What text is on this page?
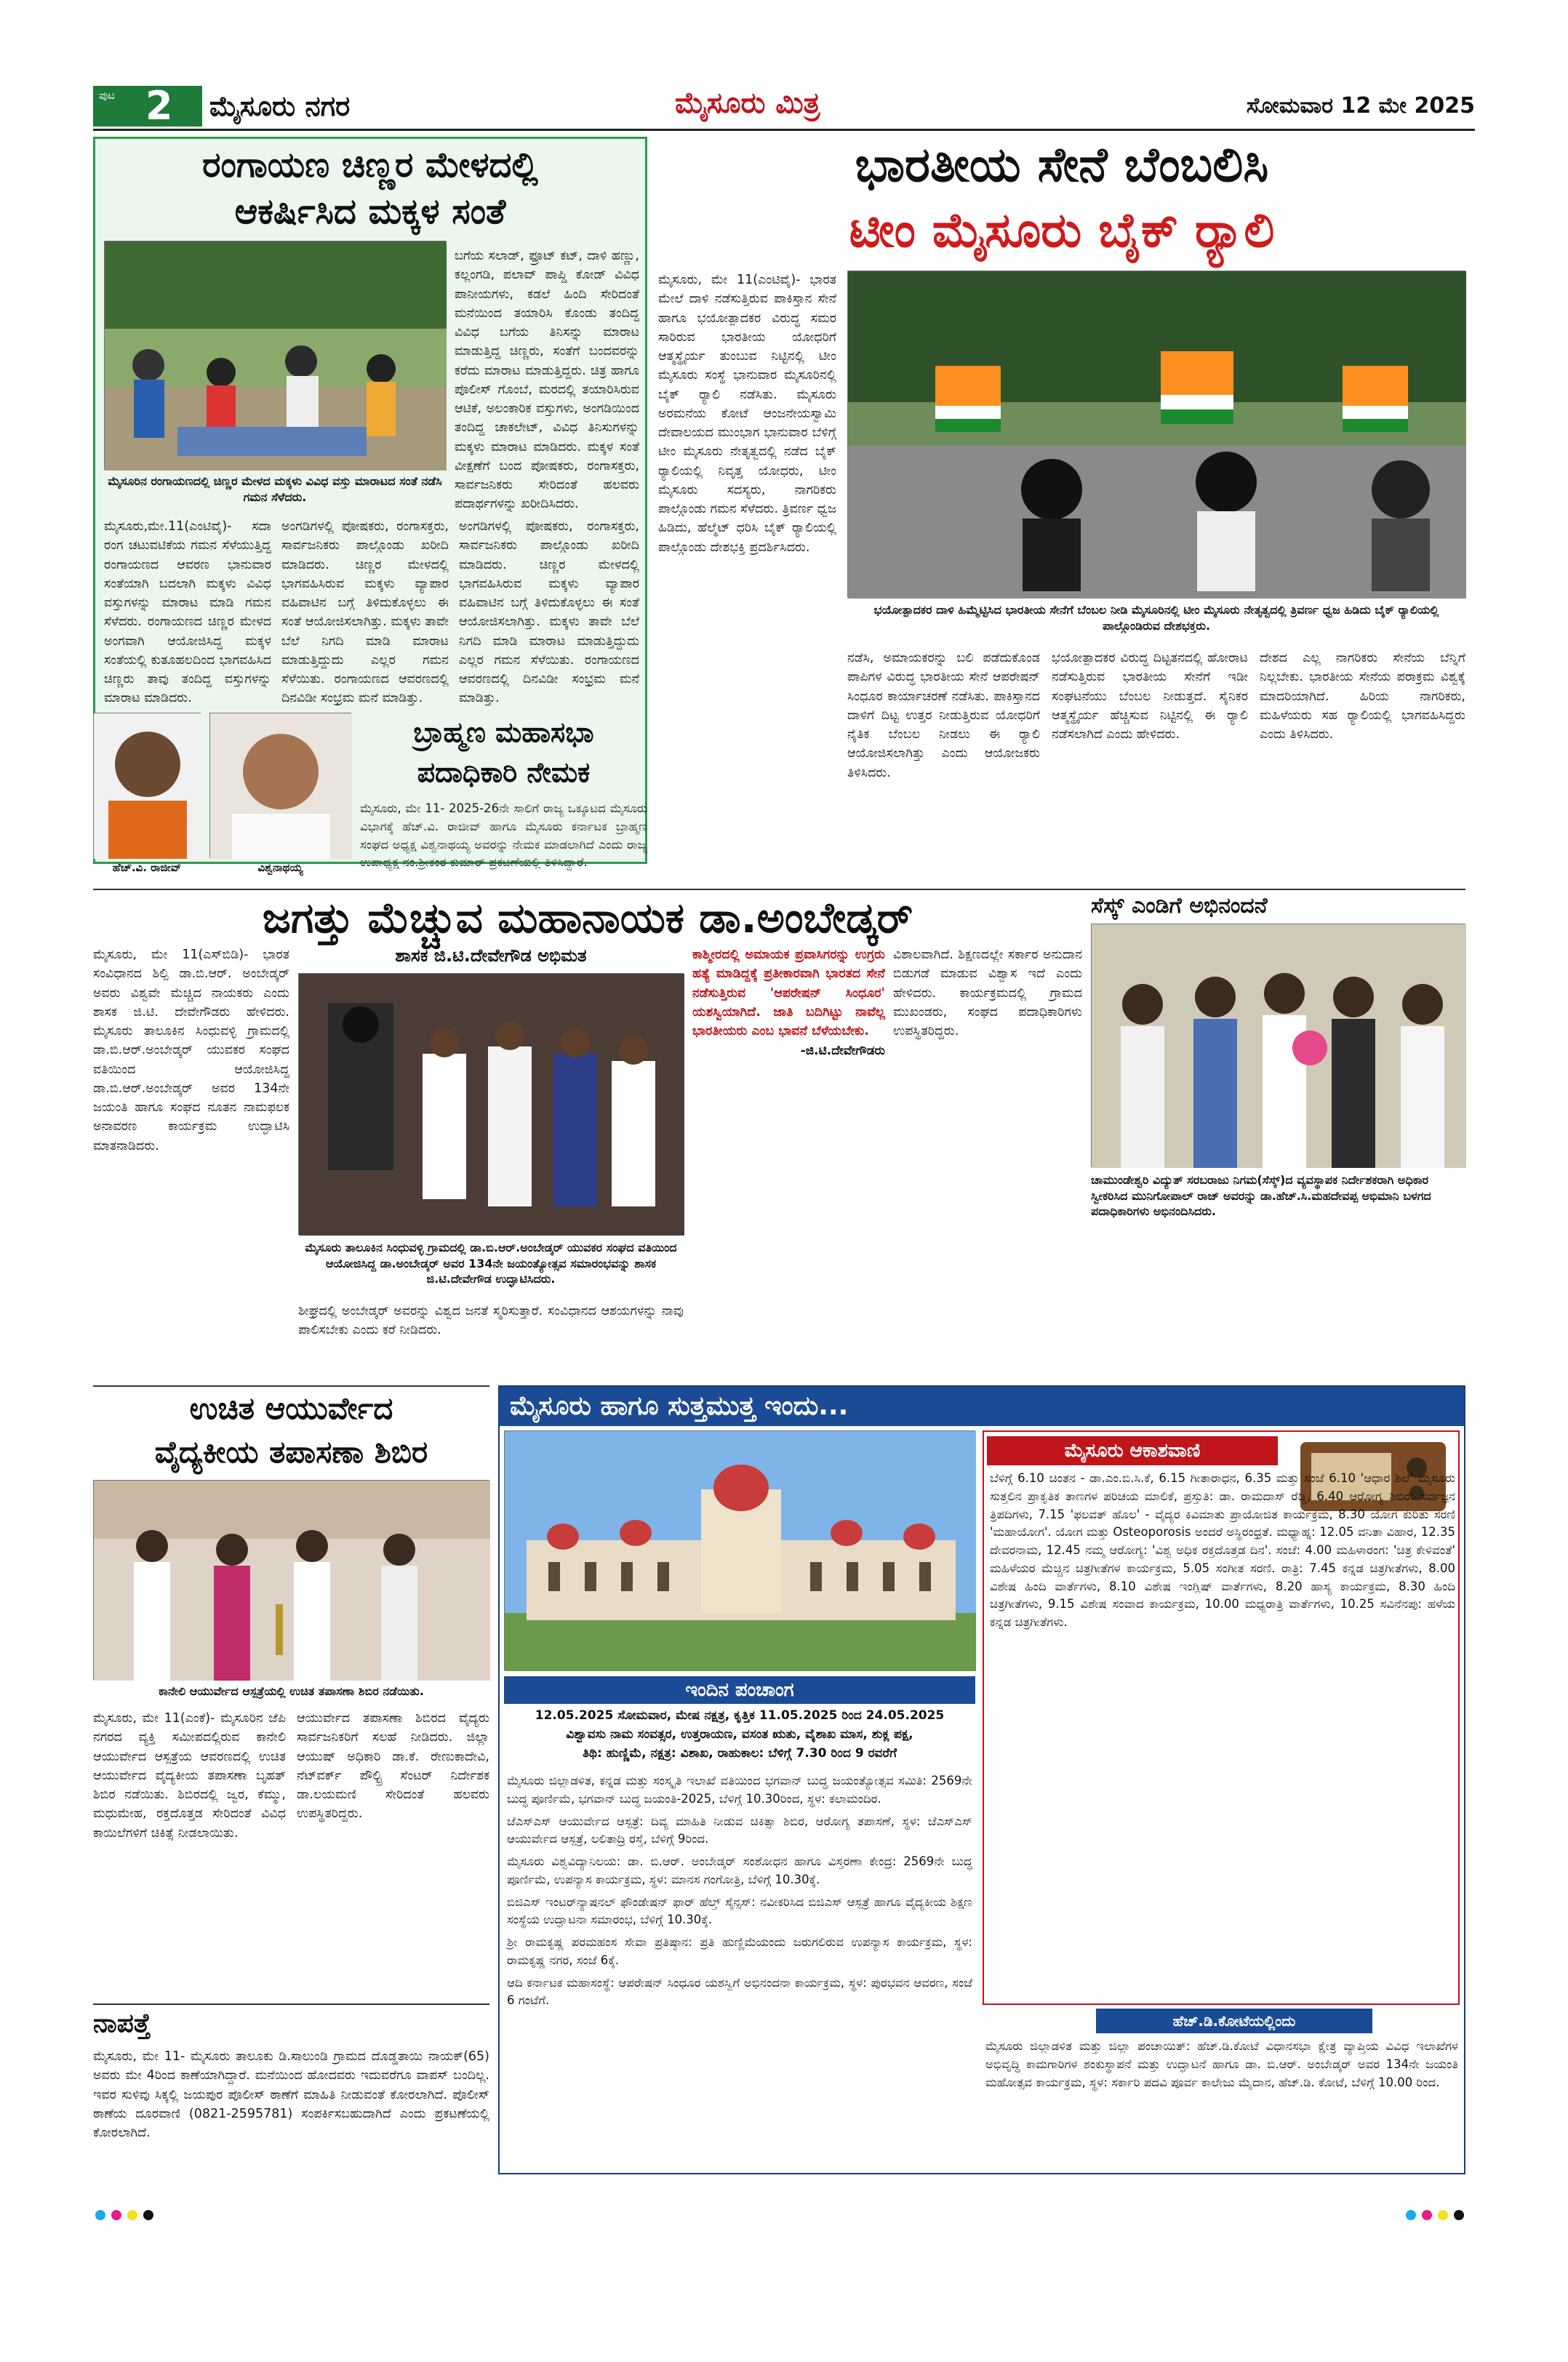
ಪುಟ 2 ಮೈಸೂರು ನಗರ	ಮೈಸೂರು ಮಿತ್ರ	ಸೋಮವಾರ 12 ಮೇ 2025
ರಂಗಾಯಣ ಚಿಣ್ಣರ ಮೇಳದಲ್ಲಿ
ಆಕರ್ಷಿಸಿದ ಮಕ್ಕಳ ಸಂತೆ
ಮೈಸೂರಿನ ರಂಗಾಯಣದಲ್ಲಿ ಚಿಣ್ಣರ ಮೇಳದ ಮಕ್ಕಳು ವಿವಿಧ ವಸ್ತು ಮಾರಾಟದ ಸಂತೆ ನಡೆಸಿ ಗಮನ ಸೆಳೆದರು.
ಬಗೆಯ ಸಲಾಡ್, ಫ್ರೂಟ್ ಕಟ್, ದಾಳಿ ಹಣ್ಣು, ಕಲ್ಲಂಗಡಿ, ಪಲಾವ್ ಪಾಪ್ಡಿ ಕೋಡ್ ವಿವಿಧ ಪಾನೀಯಗಳು, ಕಡಲೆ ಹಿಂದಿ ಸೇರಿದಂತೆ ಮನೆಯಿಂದ ತಯಾರಿಸಿ ಕೊಂಡು ತಂದಿದ್ದ ವಿವಿಧ ಬಗೆಯ ತಿನಿಸನ್ನು ಮಾರಾಟ ಮಾಡುತ್ತಿದ್ದ ಚಿಣ್ಣರು, ಸಂತೆಗೆ ಬಂದವರನ್ನು ಕರೆದು ಮಾರಾಟ ಮಾಡುತ್ತಿದ್ದರು. ಚಿತ್ರ ಹಾಗೂ ಪೊಲೀಸ್ ಗೊಂಬೆ, ಮರದಲ್ಲಿ ತಯಾರಿಸಿರುವ ಆಟಿಕೆ, ಅಲಂಕಾರಿಕ ವಸ್ತುಗಳು, ಅಂಗಡಿಯಿಂದ ತಂದಿದ್ದ ಚಾಕಲೇಟ್, ವಿವಿಧ ತಿನಿಸುಗಳನ್ನು ಮಕ್ಕಳು ಮಾರಾಟ ಮಾಡಿದರು. ಮಕ್ಕಳ ಸಂತೆ ವೀಕ್ಷಣೆಗೆ ಬಂದ ಪೋಷಕರು, ರಂಗಾಸಕ್ತರು, ಸಾರ್ವಜನಿಕರು ಸೇರಿದಂತೆ ಹಲವರು ಪದಾರ್ಥಗಳನ್ನು ಖರೀದಿಸಿದರು.
ಮೈಸೂರು,ಮೇ.11(ಎಂಟಿವೈ)- ಸದಾ ರಂಗ ಚಟುವಟಿಕೆಯ ಗಮನ ಸೆಳೆಯುತ್ತಿದ್ದ ರಂಗಾಯಣದ ಆವರಣ ಭಾನುವಾರ ಸಂತೆಯಾಗಿ ಬದಲಾಗಿ ಮಕ್ಕಳು ವಿವಿಧ ವಸ್ತುಗಳನ್ನು ಮಾರಾಟ ಮಾಡಿ ಗಮನ ಸೆಳೆದರು. ರಂಗಾಯಣದ ಚಿಣ್ಣರ ಮೇಳದ ಅಂಗವಾಗಿ ಆಯೋಜಿಸಿದ್ದ ಮಕ್ಕಳ ಸಂತೆಯಲ್ಲಿ ಕುತೂಹಲದಿಂದ ಭಾಗವಹಿಸಿದ ಚಿಣ್ಣರು ತಾವು ತಂದಿದ್ದ ವಸ್ತುಗಳನ್ನು ಮಾರಾಟ ಮಾಡಿದರು.
ಅಂಗಡಿಗಳಲ್ಲಿ ಪೋಷಕರು, ರಂಗಾಸಕ್ತರು, ಸಾರ್ವಜನಿಕರು ಪಾಲ್ಗೊಂಡು ಖರೀದಿ ಮಾಡಿದರು. ಚಿಣ್ಣರ ಮೇಳದಲ್ಲಿ ಭಾಗವಹಿಸಿರುವ ಮಕ್ಕಳು ವ್ಯಾಪಾರ ವಹಿವಾಟಿನ ಬಗ್ಗೆ ತಿಳಿದುಕೊಳ್ಳಲು ಈ ಸಂತೆ ಆಯೋಜಿಸಲಾಗಿತ್ತು. ಮಕ್ಕಳು ತಾವೇ ಬೆಲೆ ನಿಗದಿ ಮಾಡಿ ಮಾರಾಟ ಮಾಡುತ್ತಿದ್ದುದು ಎಲ್ಲರ ಗಮನ ಸೆಳೆಯಿತು. ರಂಗಾಯಣದ ಆವರಣದಲ್ಲಿ ದಿನವಿಡೀ ಸಂಭ್ರಮ ಮನೆ ಮಾಡಿತ್ತು.
ಅಂಗಡಿಗಳಲ್ಲಿ ಪೋಷಕರು, ರಂಗಾಸಕ್ತರು, ಸಾರ್ವಜನಿಕರು ಪಾಲ್ಗೊಂಡು ಖರೀದಿ ಮಾಡಿದರು. ಚಿಣ್ಣರ ಮೇಳದಲ್ಲಿ ಭಾಗವಹಿಸಿರುವ ಮಕ್ಕಳು ವ್ಯಾಪಾರ ವಹಿವಾಟಿನ ಬಗ್ಗೆ ತಿಳಿದುಕೊಳ್ಳಲು ಈ ಸಂತೆ ಆಯೋಜಿಸಲಾಗಿತ್ತು. ಮಕ್ಕಳು ತಾವೇ ಬೆಲೆ ನಿಗದಿ ಮಾಡಿ ಮಾರಾಟ ಮಾಡುತ್ತಿದ್ದುದು ಎಲ್ಲರ ಗಮನ ಸೆಳೆಯಿತು. ರಂಗಾಯಣದ ಆವರಣದಲ್ಲಿ ದಿನವಿಡೀ ಸಂಭ್ರಮ ಮನೆ ಮಾಡಿತ್ತು.
ಭಾರತೀಯ ಸೇನೆ ಬೆಂಬಲಿಸಿ
ಟೀಂ ಮೈಸೂರು ಬೈಕ್ ರ್‍ಯಾಲಿ
ಮೈಸೂರು, ಮೇ 11(ಎಂಟಿವೈ)- ಭಾರತ ಮೇಲೆ ದಾಳಿ ನಡೆಸುತ್ತಿರುವ ಪಾಕಿಸ್ತಾನ ಸೇನೆ ಹಾಗೂ ಭಯೋತ್ಪಾದಕರ ವಿರುದ್ಧ ಸಮರ ಸಾರಿರುವ ಭಾರತೀಯ ಯೋಧರಿಗೆ ಆತ್ಮಸ್ಥೈರ್ಯ ತುಂಬುವ ನಿಟ್ಟಿನಲ್ಲಿ ಟೀಂ ಮೈಸೂರು ಸಂಸ್ಥೆ ಭಾನುವಾರ ಮೈಸೂರಿನಲ್ಲಿ ಬೈಕ್ ರ್‍ಯಾಲಿ ನಡೆಸಿತು. ಮೈಸೂರು ಅರಮನೆಯ ಕೋಟೆ ಆಂಜನೇಯಸ್ವಾಮಿ ದೇವಾಲಯದ ಮುಂಭಾಗ ಭಾನುವಾರ ಬೆಳಿಗ್ಗೆ ಟೀಂ ಮೈಸೂರು ನೇತೃತ್ವದಲ್ಲಿ ನಡೆದ ಬೈಕ್ ರ್‍ಯಾಲಿಯಲ್ಲಿ ನಿವೃತ್ತ ಯೋಧರು, ಟೀಂ ಮೈಸೂರು ಸದಸ್ಯರು, ನಾಗರಿಕರು ಪಾಲ್ಗೊಂಡು ಗಮನ ಸೆಳೆದರು. ತ್ರಿವರ್ಣ ಧ್ವಜ ಹಿಡಿದು, ಹೆಲ್ಮೆಟ್ ಧರಿಸಿ ಬೈಕ್ ರ್‍ಯಾಲಿಯಲ್ಲಿ ಪಾಲ್ಗೊಂಡು ದೇಶಭಕ್ತಿ ಪ್ರದರ್ಶಿಸಿದರು.
ಭಯೋತ್ಪಾದಕರ ದಾಳಿ ಹಿಮ್ಮೆಟ್ಟಿಸಿದ ಭಾರತೀಯ ಸೇನೆಗೆ ಬೆಂಬಲ ನೀಡಿ ಮೈಸೂರಿನಲ್ಲಿ ಟೀಂ ಮೈಸೂರು ನೇತೃತ್ವದಲ್ಲಿ ತ್ರಿವರ್ಣ ಧ್ವಜ ಹಿಡಿದು ಬೈಕ್ ರ್‍ಯಾಲಿಯಲ್ಲಿ ಪಾಲ್ಗೊಂಡಿರುವ ದೇಶಭಕ್ತರು.
ನಡೆಸಿ, ಅಮಾಯಕರನ್ನು ಬಲಿ ಪಡೆದುಕೊಂಡ ಪಾಪಿಗಳ ವಿರುದ್ಧ ಭಾರತೀಯ ಸೇನೆ ಆಪರೇಷನ್ ಸಿಂಧೂರ ಕಾರ್ಯಾಚರಣೆ ನಡೆಸಿತು. ಪಾಕಿಸ್ತಾನದ ದಾಳಿಗೆ ದಿಟ್ಟ ಉತ್ತರ ನೀಡುತ್ತಿರುವ ಯೋಧರಿಗೆ ನೈತಿಕ ಬೆಂಬಲ ನೀಡಲು ಈ ರ್‍ಯಾಲಿ ಆಯೋಜಿಸಲಾಗಿತ್ತು ಎಂದು ಆಯೋಜಕರು ತಿಳಿಸಿದರು.
ಭಯೋತ್ಪಾದಕರ ವಿರುದ್ಧ ದಿಟ್ಟತನದಲ್ಲಿ ಹೋರಾಟ ನಡೆಸುತ್ತಿರುವ ಭಾರತೀಯ ಸೇನೆಗೆ ಇಡೀ ಸಂಘಟನೆಯು ಬೆಂಬಲ ನೀಡುತ್ತದೆ. ಸೈನಿಕರ ಆತ್ಮಸ್ಥೈರ್ಯ ಹೆಚ್ಚಿಸುವ ನಿಟ್ಟಿನಲ್ಲಿ ಈ ರ್‍ಯಾಲಿ ನಡೆಸಲಾಗಿದೆ ಎಂದು ಹೇಳಿದರು.
ದೇಶದ ಎಲ್ಲ ನಾಗರಿಕರು ಸೇನೆಯ ಬೆನ್ನಿಗೆ ನಿಲ್ಲಬೇಕು. ಭಾರತೀಯ ಸೇನೆಯ ಪರಾಕ್ರಮ ವಿಶ್ವಕ್ಕೆ ಮಾದರಿಯಾಗಿದೆ. ಹಿರಿಯ ನಾಗರಿಕರು, ಮಹಿಳೆಯರು ಸಹ ರ್‍ಯಾಲಿಯಲ್ಲಿ ಭಾಗವಹಿಸಿದ್ದರು ಎಂದು ತಿಳಿಸಿದರು.
ಹೆಚ್.ವಿ. ರಾಜೀವ್	ವಿಶ್ವನಾಥಯ್ಯ
ಬ್ರಾಹ್ಮಣ ಮಹಾಸಭಾ
ಪದಾಧಿಕಾರಿ ನೇಮಕ
ಮೈಸೂರು, ಮೇ 11- 2025-26ನೇ ಸಾಲಿಗೆ ರಾಜ್ಯ ಒಕ್ಕೂಟದ ಮೈಸೂರು ವಿಭಾಗಕ್ಕೆ ಹೆಚ್.ವಿ. ರಾಜೀವ್ ಹಾಗೂ ಮೈಸೂರು ಕರ್ನಾಟಕ ಬ್ರಾಹ್ಮಣ ಸಂಘದ ಅಧ್ಯಕ್ಷ ವಿಶ್ವನಾಥಯ್ಯ ಅವರನ್ನು ನೇಮಕ ಮಾಡಲಾಗಿದೆ ಎಂದು ರಾಜ್ಯ ಉಪಾಧ್ಯಕ್ಷ ನಂ.ಶ್ರೀಕಂಠ ಕುಮಾರ್ ಪ್ರಕಟಣೆಯಲ್ಲಿ ತಿಳಿಸಿದ್ದಾರೆ.
ಜಗತ್ತು ಮೆಚ್ಚುವ ಮಹಾನಾಯಕ ಡಾ.ಅಂಬೇಡ್ಕರ್
ಮೈಸೂರು, ಮೇ 11(ಎಸ್‌ಬಿಡಿ)- ಭಾರತ ಸಂವಿಧಾನದ ಶಿಲ್ಪಿ ಡಾ.ಬಿ.ಆರ್. ಅಂಬೇಡ್ಕರ್ ಅವರು ವಿಶ್ವವೇ ಮೆಚ್ಚಿದ ನಾಯಕರು ಎಂದು ಶಾಸಕ ಜಿ.ಟಿ. ದೇವೇಗೌಡರು ಹೇಳಿದರು. ಮೈಸೂರು ತಾಲೂಕಿನ ಸಿಂಧುವಳ್ಳಿ ಗ್ರಾಮದಲ್ಲಿ ಡಾ.ಬಿ.ಆರ್.ಅಂಬೇಡ್ಕರ್ ಯುವಕರ ಸಂಘದ ವತಿಯಿಂದ ಆಯೋಜಿಸಿದ್ದ ಡಾ.ಬಿ.ಆರ್.ಅಂಬೇಡ್ಕರ್ ಅವರ 134ನೇ ಜಯಂತಿ ಹಾಗೂ ಸಂಘದ ನೂತನ ನಾಮಫಲಕ ಅನಾವರಣ ಕಾರ್ಯಕ್ರಮ ಉದ್ಘಾಟಿಸಿ ಮಾತನಾಡಿದರು.
ಶಾಸಕ ಜಿ.ಟಿ.ದೇವೇಗೌಡ ಅಭಿಮತ
ಮೈಸೂರು ತಾಲೂಕಿನ ಸಿಂಧುವಳ್ಳಿ ಗ್ರಾಮದಲ್ಲಿ ಡಾ.ಬಿ.ಆರ್.ಅಂಬೇಡ್ಕರ್ ಯುವಕರ ಸಂಘದ ವತಿಯಿಂದ ಆಯೋಜಿಸಿದ್ದ ಡಾ.ಅಂಬೇಡ್ಕರ್ ಅವರ 134ನೇ ಜಯಂತ್ಯೋತ್ಸವ ಸಮಾರಂಭವನ್ನು ಶಾಸಕ ಜಿ.ಟಿ.ದೇವೇಗೌಡ ಉದ್ಘಾಟಿಸಿದರು.
ಕಾಶ್ಮೀರದಲ್ಲಿ ಅಮಾಯಕ ಪ್ರವಾಸಿಗರನ್ನು ಉಗ್ರರು ಹತ್ಯೆ ಮಾಡಿದ್ದಕ್ಕೆ ಪ್ರತೀಕಾರವಾಗಿ ಭಾರತದ ಸೇನೆ ನಡೆಸುತ್ತಿರುವ 'ಆಪರೇಷನ್ ಸಿಂಧೂರ' ಯಶಸ್ವಿಯಾಗಿದೆ. ಜಾತಿ ಬದಿಗಿಟ್ಟು ನಾವೆಲ್ಲ ಭಾರತೀಯರು ಎಂಬ ಭಾವನೆ ಬೆಳೆಯಬೇಕು.
-ಜಿ.ಟಿ.ದೇವೇಗೌಡರು
ಶೀಘ್ರದಲ್ಲಿ ಅಂಬೇಡ್ಕರ್ ಅವರನ್ನು ವಿಶ್ವದ ಜನತೆ ಸ್ಮರಿಸುತ್ತಾರೆ. ಸಂವಿಧಾನದ ಆಶಯಗಳನ್ನು ನಾವು ಪಾಲಿಸಬೇಕು ಎಂದು ಕರೆ ನೀಡಿದರು.
ವಿಶಾಲವಾಗಿದೆ. ಶಿಕ್ಷಣದಲ್ಲೇ ಸರ್ಕಾರ ಅನುದಾನ ಬಿಡುಗಡೆ ಮಾಡುವ ವಿಶ್ವಾಸ ಇದೆ ಎಂದು ಹೇಳಿದರು. ಕಾರ್ಯಕ್ರಮದಲ್ಲಿ ಗ್ರಾಮದ ಮುಖಂಡರು, ಸಂಘದ ಪದಾಧಿಕಾರಿಗಳು ಉಪಸ್ಥಿತರಿದ್ದರು.
ಸೆಸ್ಕ್ ಎಂಡಿಗೆ ಅಭಿನಂದನೆ
ಚಾಮುಂಡೇಶ್ವರಿ ವಿದ್ಯುತ್ ಸರಬರಾಜು ನಿಗಮ(ಸೆಸ್ಕ್)ದ ವ್ಯವಸ್ಥಾಪಕ ನಿರ್ದೇಶಕರಾಗಿ ಅಧಿಕಾರ ಸ್ವೀಕರಿಸಿದ ಮುನಿಗೋಪಾಲ್ ರಾಜ್ ಅವರನ್ನು ಡಾ.ಹೆಚ್.ಸಿ.ಮಹದೇವಪ್ಪ ಅಭಿಮಾನಿ ಬಳಗದ ಪದಾಧಿಕಾರಿಗಳು ಅಭಿನಂದಿಸಿದರು.
ಉಚಿತ ಆಯುರ್ವೇದ
ವೈದ್ಯಕೀಯ ತಪಾಸಣಾ ಶಿಬಿರ
ಕಾನೇಲಿ ಆಯುರ್ವೇದ ಆಸ್ಪತ್ರೆಯಲ್ಲಿ ಉಚಿತ ತಪಾಸಣಾ ಶಿಬಿರ ನಡೆಯಿತು.
ಮೈಸೂರು, ಮೇ 11(ಎಂಕೆ)- ಮೈಸೂರಿನ ಜೆಪಿ ನಗರದ ವ್ಯಕ್ತಿ ಸಮೀಪದಲ್ಲಿರುವ ಕಾನೇಲಿ ಆಯುರ್ವೇದ ಆಸ್ಪತ್ರೆಯ ಆವರಣದಲ್ಲಿ ಉಚಿತ ಆಯುರ್ವೇದ ವೈದ್ಯಕೀಯ ತಪಾಸಣಾ ಬೃಹತ್ ಶಿಬಿರ ನಡೆಯಿತು. ಶಿಬಿರದಲ್ಲಿ ಜ್ವರ, ಕೆಮ್ಮು, ಮಧುಮೇಹ, ರಕ್ತದೊತ್ತಡ ಸೇರಿದಂತೆ ವಿವಿಧ ಕಾಯಿಲೆಗಳಿಗೆ ಚಿಕಿತ್ಸೆ ನೀಡಲಾಯಿತು.
ಆಯುರ್ವೇದ ತಪಾಸಣಾ ಶಿಬಿರದ ವೈದ್ಯರು ಸಾರ್ವಜನಿಕರಿಗೆ ಸಲಹೆ ನೀಡಿದರು. ಜಿಲ್ಲಾ ಆಯುಷ್ ಅಧಿಕಾರಿ ಡಾ.ಕೆ. ರೇಣುಕಾದೇವಿ, ನೆಟ್‌ವರ್ಕ್ ಪೌಲ್ಟ್ರಿ ಸೆಂಟರ್ ನಿರ್ದೇಶಕ ಡಾ.ಲಯಮಣಿ ಸೇರಿದಂತೆ ಹಲವರು ಉಪಸ್ಥಿತರಿದ್ದರು.
ನಾಪತ್ತೆ
ಮೈಸೂರು, ಮೇ 11- ಮೈಸೂರು ತಾಲೂಕು ಡಿ.ಸಾಲುಂಡಿ ಗ್ರಾಮದ ದೊಡ್ಡತಾಯಿ ನಾಯಕ್(65) ಅವರು ಮೇ 4ರಿಂದ ಕಾಣೆಯಾಗಿದ್ದಾರೆ. ಮನೆಯಿಂದ ಹೋದವರು ಇದುವರೆಗೂ ವಾಪಸ್ ಬಂದಿಲ್ಲ. ಇವರ ಸುಳಿವು ಸಿಕ್ಕಲ್ಲಿ ಜಯಪುರ ಪೊಲೀಸ್ ಠಾಣೆಗೆ ಮಾಹಿತಿ ನೀಡುವಂತೆ ಕೋರಲಾಗಿದೆ. ಪೊಲೀಸ್ ಠಾಣೆಯ ದೂರವಾಣಿ (0821-2595781) ಸಂಪರ್ಕಿಸಬಹುದಾಗಿದೆ ಎಂದು ಪ್ರಕಟಣೆಯಲ್ಲಿ ಕೋರಲಾಗಿದೆ.
ಮೈಸೂರು ಹಾಗೂ ಸುತ್ತಮುತ್ತ ಇಂದು...
ಇಂದಿನ ಪಂಚಾಂಗ
12.05.2025 ಸೋಮವಾರ, ಮೇಷ ನಕ್ಷತ್ರ, ಕೃತ್ತಿಕ 11.05.2025 ರಿಂದ 24.05.2025
ವಿಶ್ವಾವಸು ನಾಮ ಸಂವತ್ಸರ, ಉತ್ತರಾಯಣ, ವಸಂತ ಋತು, ವೈಶಾಖ ಮಾಸ, ಶುಕ್ಲ ಪಕ್ಷ,
ತಿಥಿ: ಹುಣ್ಣಿಮೆ, ನಕ್ಷತ್ರ: ವಿಶಾಖ, ರಾಹುಕಾಲ: ಬೆಳಿಗ್ಗೆ 7.30 ರಿಂದ 9 ರವರೆಗೆ
ಮೈಸೂರು ಜಿಲ್ಲಾಡಳಿತ, ಕನ್ನಡ ಮತ್ತು ಸಂಸ್ಕೃತಿ ಇಲಾಖೆ ವತಿಯಿಂದ ಭಗವಾನ್ ಬುದ್ಧ ಜಯಂತ್ಯೋತ್ಸವ ಸಮಿತಿ: 2569ನೇ ಬುದ್ಧ ಪೂರ್ಣಿಮೆ, ಭಗವಾನ್ ಬುದ್ಧ ಜಯಂತಿ-2025, ಬೆಳಿಗ್ಗೆ 10.30ರಿಂದ, ಸ್ಥಳ: ಕಲಾಮಂದಿರ.
ಜೆಎಸ್‌ಎಸ್ ಆಯುರ್ವೇದ ಆಸ್ಪತ್ರೆ: ದಿವ್ಯ ಮಾಹಿತಿ ನೀಡುವ ಚಿಕಿತ್ಸಾ ಶಿಬಿರ, ಆರೋಗ್ಯ ತಪಾಸಣೆ, ಸ್ಥಳ: ಜೆಎಸ್‌ಎಸ್ ಆಯುರ್ವೇದ ಆಸ್ಪತ್ರೆ, ಲಲಿತಾದ್ರಿ ರಸ್ತೆ, ಬೆಳಿಗ್ಗೆ 9ರಿಂದ.
ಮೈಸೂರು ವಿಶ್ವವಿದ್ಯಾನಿಲಯ: ಡಾ. ಬಿ.ಆರ್. ಅಂಬೇಡ್ಕರ್ ಸಂಶೋಧನ ಹಾಗೂ ವಿಸ್ತರಣಾ ಕೇಂದ್ರ: 2569ನೇ ಬುದ್ಧ ಪೂರ್ಣಿಮೆ, ಉಪನ್ಯಾಸ ಕಾರ್ಯಕ್ರಮ, ಸ್ಥಳ: ಮಾನಸ ಗಂಗೋತ್ರಿ, ಬೆಳಿಗ್ಗೆ 10.30ಕ್ಕೆ.
ಬಿಜಿಎಸ್ ಇಂಟರ್‌ನ್ಯಾಷನಲ್ ಫೌಂಡೇಷನ್ ಫಾರ್ ಹೆಲ್ತ್ ಸೈನ್ಸಸ್: ನವೀಕರಿಸಿದ ಬಿಜಿಎಸ್ ಆಸ್ಪತ್ರೆ ಹಾಗೂ ವೈದ್ಯಕೀಯ ಶಿಕ್ಷಣ ಸಂಸ್ಥೆಯ ಉದ್ಘಾಟನಾ ಸಮಾರಂಭ, ಬೆಳಿಗ್ಗೆ 10.30ಕ್ಕೆ.
ಶ್ರೀ ರಾಮಕೃಷ್ಣ ಪರಮಹಂಸ ಸೇವಾ ಪ್ರತಿಷ್ಠಾನ: ಪ್ರತಿ ಹುಣ್ಣಿಮೆಯಂದು ಜರುಗಲಿರುವ ಉಪನ್ಯಾಸ ಕಾರ್ಯಕ್ರಮ, ಸ್ಥಳ: ರಾಮಕೃಷ್ಣ ನಗರ, ಸಂಜೆ 6ಕ್ಕೆ.
ಆದಿ ಕರ್ನಾಟಕ ಮಹಾಸಂಸ್ಥೆ: ಆಪರೇಷನ್ ಸಿಂಧೂರ ಯಶಸ್ವಿಗೆ ಅಭಿನಂದನಾ ಕಾರ್ಯಕ್ರಮ, ಸ್ಥಳ: ಪುರಭವನ ಆವರಣ, ಸಂಜೆ 6 ಗಂಟೆಗೆ.
ಮೈಸೂರು ಆಕಾಶವಾಣಿ
ಬೆಳಿಗ್ಗೆ 6.10 ಚಿಂತನ - ಡಾ.ಎಂ.ಬಿ.ಸಿ.ಕೆ, 6.15 ಗೀತಾರಾಧನ, 6.35 ಮತ್ತು ಸಂಜೆ 6.10 'ಆಧಾರ ಶಿಲೆ' ಮೈಸೂರು ಸುತ್ತಲಿನ ಪ್ರಾಕೃತಿಕ ತಾಣಗಳ ಪರಿಚಯ ಮಾಲಿಕೆ, ಪ್ರಸ್ತುತಿ: ಡಾ. ರಾಮದಾಸ್ ರೆಡ್ಡಿ, 6.40 ಆರೋಗ್ಯ ಶಿಬಿರ: ಸರ್ವಜ್ಞನ ತ್ರಿಪದಿಗಳು, 7.15 'ಫಲವತ್ ಹೊಲ' - ವೈದ್ಯರ ಕಿವಿಮಾತು ಪ್ರಾಯೋಜಿತ ಕಾರ್ಯಕ್ರಮ, 8.30 ಯೋಗ ಕುರಿತು ಸರಣಿ 'ಮಹಾಯೋಗ'. ಯೋಗ ಮತ್ತು Osteoporosis ಅಂದರೆ ಅಸ್ಥಿರಂಧ್ರತೆ. ಮಧ್ಯಾಹ್ನ: 12.05 ವನಿತಾ ವಿಹಾರ, 12.35 ದೇವರನಾಮ, 12.45 ನಮ್ಮ ಆರೋಗ್ಯ: 'ವಿಶ್ವ ಅಧಿಕ ರಕ್ತದೊತ್ತಡ ದಿನ'. ಸಂಜೆ: 4.00 ಮಹಿಳಾರಂಗ: 'ಚಿತ್ರ ಕೇಳಿವಂತೆ' ಮಹಿಳೆಯರ ಮೆಚ್ಚಿನ ಚಿತ್ರಗೀತೆಗಳ ಕಾರ್ಯಕ್ರಮ, 5.05 ಸಂಗೀತ ಸರಣಿ. ರಾತ್ರಿ: 7.45 ಕನ್ನಡ ಚಿತ್ರಗೀತೆಗಳು, 8.00 ವಿಶೇಷ ಹಿಂದಿ ವಾರ್ತೆಗಳು, 8.10 ವಿಶೇಷ ಇಂಗ್ಲಿಷ್ ವಾರ್ತೆಗಳು, 8.20 ಹಾಸ್ಯ ಕಾರ್ಯಕ್ರಮ, 8.30 ಹಿಂದಿ ಚಿತ್ರಗೀತೆಗಳು, 9.15 ವಿಶೇಷ ಸಂವಾದ ಕಾರ್ಯಕ್ರಮ, 10.00 ಮಧ್ಯರಾತ್ರಿ ವಾರ್ತೆಗಳು, 10.25 ಸವಿನೆನಪು: ಹಳೆಯ ಕನ್ನಡ ಚಿತ್ರಗೀತೆಗಳು.
ಹೆಚ್.ಡಿ.ಕೋಟೆಯಲ್ಲಿಂದು
ಮೈಸೂರು ಜಿಲ್ಲಾಡಳಿತ ಮತ್ತು ಜಿಲ್ಲಾ ಪಂಚಾಯಿತ್: ಹೆಚ್.ಡಿ.ಕೋಟೆ ವಿಧಾನಸಭಾ ಕ್ಷೇತ್ರ ವ್ಯಾಪ್ತಿಯ ವಿವಿಧ ಇಲಾಖೆಗಳ ಅಭಿವೃದ್ಧಿ ಕಾಮಗಾರಿಗಳ ಶಂಕುಸ್ಥಾಪನೆ ಮತ್ತು ಉದ್ಘಾಟನೆ ಹಾಗೂ ಡಾ. ಬಿ.ಆರ್. ಅಂಬೇಡ್ಕರ್ ಅವರ 134ನೇ ಜಯಂತಿ ಮಹೋತ್ಸವ ಕಾರ್ಯಕ್ರಮ, ಸ್ಥಳ: ಸರ್ಕಾರಿ ಪದವಿ ಪೂರ್ವ ಕಾಲೇಜು ಮೈದಾನ, ಹೆಚ್.ಡಿ. ಕೋಟೆ, ಬೆಳಿಗ್ಗೆ 10.00 ರಿಂದ.
